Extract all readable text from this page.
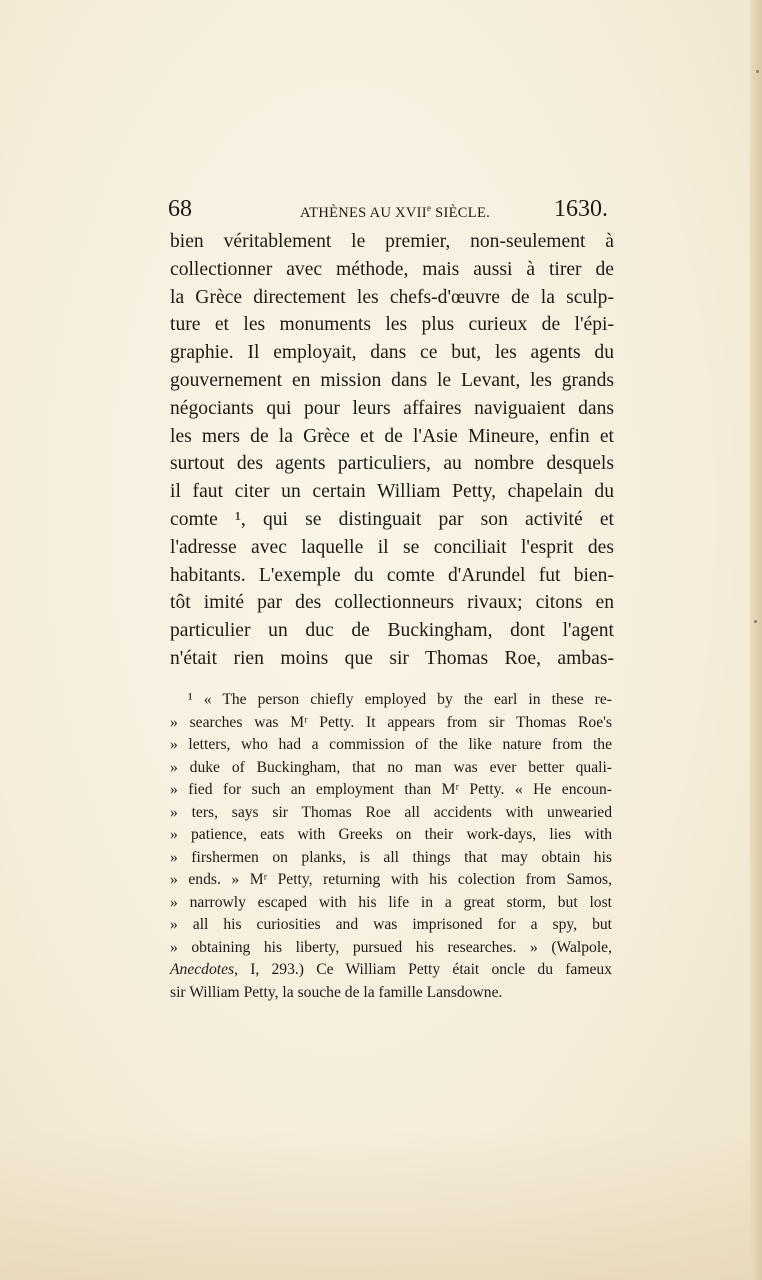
68	ATHÈNES AU XVIIe SIÈCLE.	1630.
bien véritablement le premier, non-seulement à
collectionner avec méthode, mais aussi à tirer de
la Grèce directement les chefs-d'œuvre de la sculp-
ture et les monuments les plus curieux de l'épi-
graphie. Il employait, dans ce but, les agents du
gouvernement en mission dans le Levant, les grands
négociants qui pour leurs affaires naviguaient dans
les mers de la Grèce et de l'Asie Mineure, enfin et
surtout des agents particuliers, au nombre desquels
il faut citer un certain William Petty, chapelain du
comte ¹, qui se distinguait par son activité et
l'adresse avec laquelle il se conciliait l'esprit des
habitants. L'exemple du comte d'Arundel fut bien-
tôt imité par des collectionneurs rivaux; citons en
particulier un duc de Buckingham, dont l'agent
n'était rien moins que sir Thomas Roe, ambas-
¹ « The person chiefly employed by the earl in these re-
» searches was Mʳ Petty. It appears from sir Thomas Roe's
» letters, who had a commission of the like nature from the
» duke of Buckingham, that no man was ever better quali-
» fied for such an employment than Mʳ Petty. « He encoun-
» ters, says sir Thomas Roe all accidents with unwearied
» patience, eats with Greeks on their work-days, lies with
» firshermen on planks, is all things that may obtain his
» ends. » Mʳ Petty, returning with his colection from Samos,
» narrowly escaped with his life in a great storm, but lost
» all his curiosities and was imprisoned for a spy, but
» obtaining his liberty, pursued his researches. » (Walpole,
Anecdotes, I, 293.) Ce William Petty était oncle du fameux
sir William Petty, la souche de la famille Lansdowne.
